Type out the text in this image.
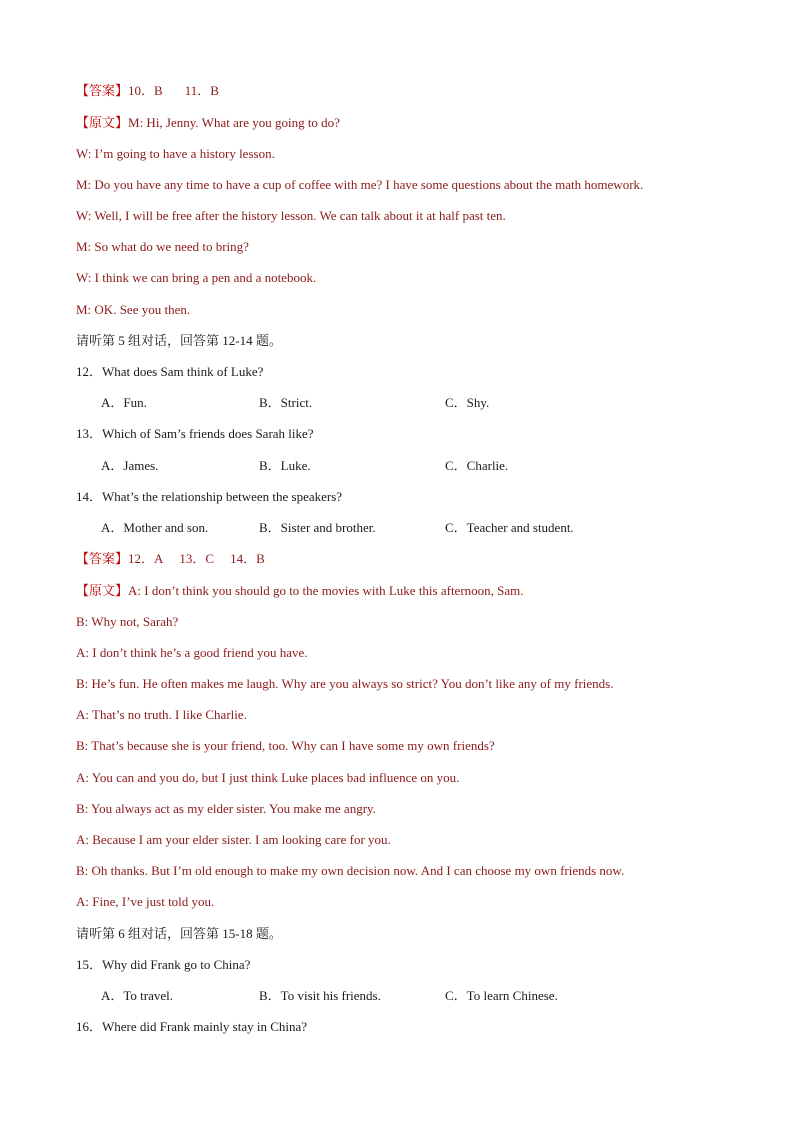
【答案】10．B 11．B
【原文】M: Hi, Jenny. What are you going to do?
W: I’m going to have a history lesson.
M: Do you have any time to have a cup of coffee with me? I have some questions about the math homework.
W: Well, I will be free after the history lesson. We can talk about it at half past ten.
M: So what do we need to bring?
W: I think we can bring a pen and a notebook.
M: OK. See you then.
请听第 5 组对话，回答第 12-14 题。
12．What does Sam think of Luke?
A．Fun.	B．Strict.	C．Shy.
13．Which of Sam’s friends does Sarah like?
A．James.	B．Luke.	C．Charlie.
14．What’s the relationship between the speakers?
A．Mother and son.	B．Sister and brother.	C．Teacher and student.
【答案】12．A 13．C 14．B
【原文】A: I don’t think you should go to the movies with Luke this afternoon, Sam.
B: Why not, Sarah?
A: I don’t think he’s a good friend you have.
B: He’s fun. He often makes me laugh. Why are you always so strict? You don’t like any of my friends.
A: That’s no truth. I like Charlie.
B: That’s because she is your friend, too. Why can I have some my own friends?
A: You can and you do, but I just think Luke places bad influence on you.
B: You always act as my elder sister. You make me angry.
A: Because I am your elder sister. I am looking care for you.
B: Oh thanks. But I’m old enough to make my own decision now. And I can choose my own friends now.
A: Fine, I’ve just told you.
请听第 6 组对话，回答第 15-18 题。
15．Why did Frank go to China?
A．To travel.	B．To visit his friends.	C．To learn Chinese.
16．Where did Frank mainly stay in China?
